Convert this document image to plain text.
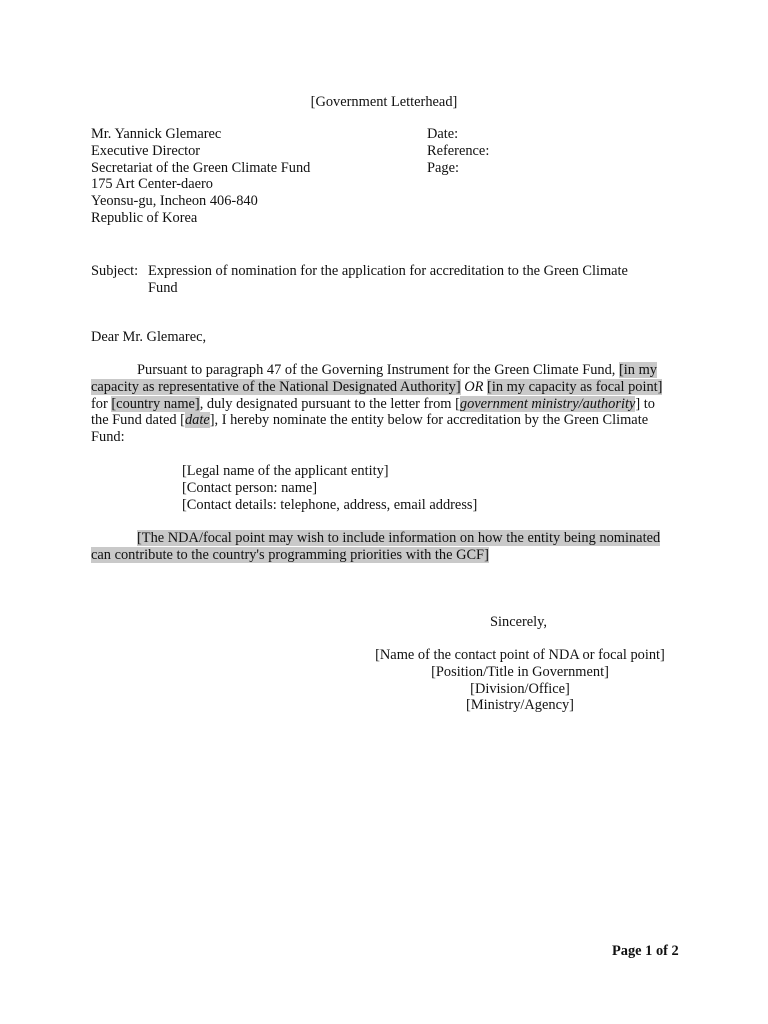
[Government Letterhead]
Mr. Yannick Glemarec
Executive Director
Secretariat of the Green Climate Fund
175 Art Center-daero
Yeonsu-gu, Incheon 406-840
Republic of Korea
Date:
Reference:
Page:
Subject: Expression of nomination for the application for accreditation to the Green Climate
Fund
Dear Mr. Glemarec,
Pursuant to paragraph 47 of the Governing Instrument for the Green Climate Fund, [in my
capacity as representative of the National Designated Authority] OR [in my capacity as focal point]
for [country name], duly designated pursuant to the letter from [government ministry/authority] to
the Fund dated [date], I hereby nominate the entity below for accreditation by the Green Climate
Fund:
[Legal name of the applicant entity]
[Contact person: name]
[Contact details: telephone, address, email address]
[The NDA/focal point may wish to include information on how the entity being nominated
can contribute to the country's programming priorities with the GCF]
Sincerely,
[Name of the contact point of NDA or focal point]
[Position/Title in Government]
[Division/Office]
[Ministry/Agency]
Page 1 of 2
